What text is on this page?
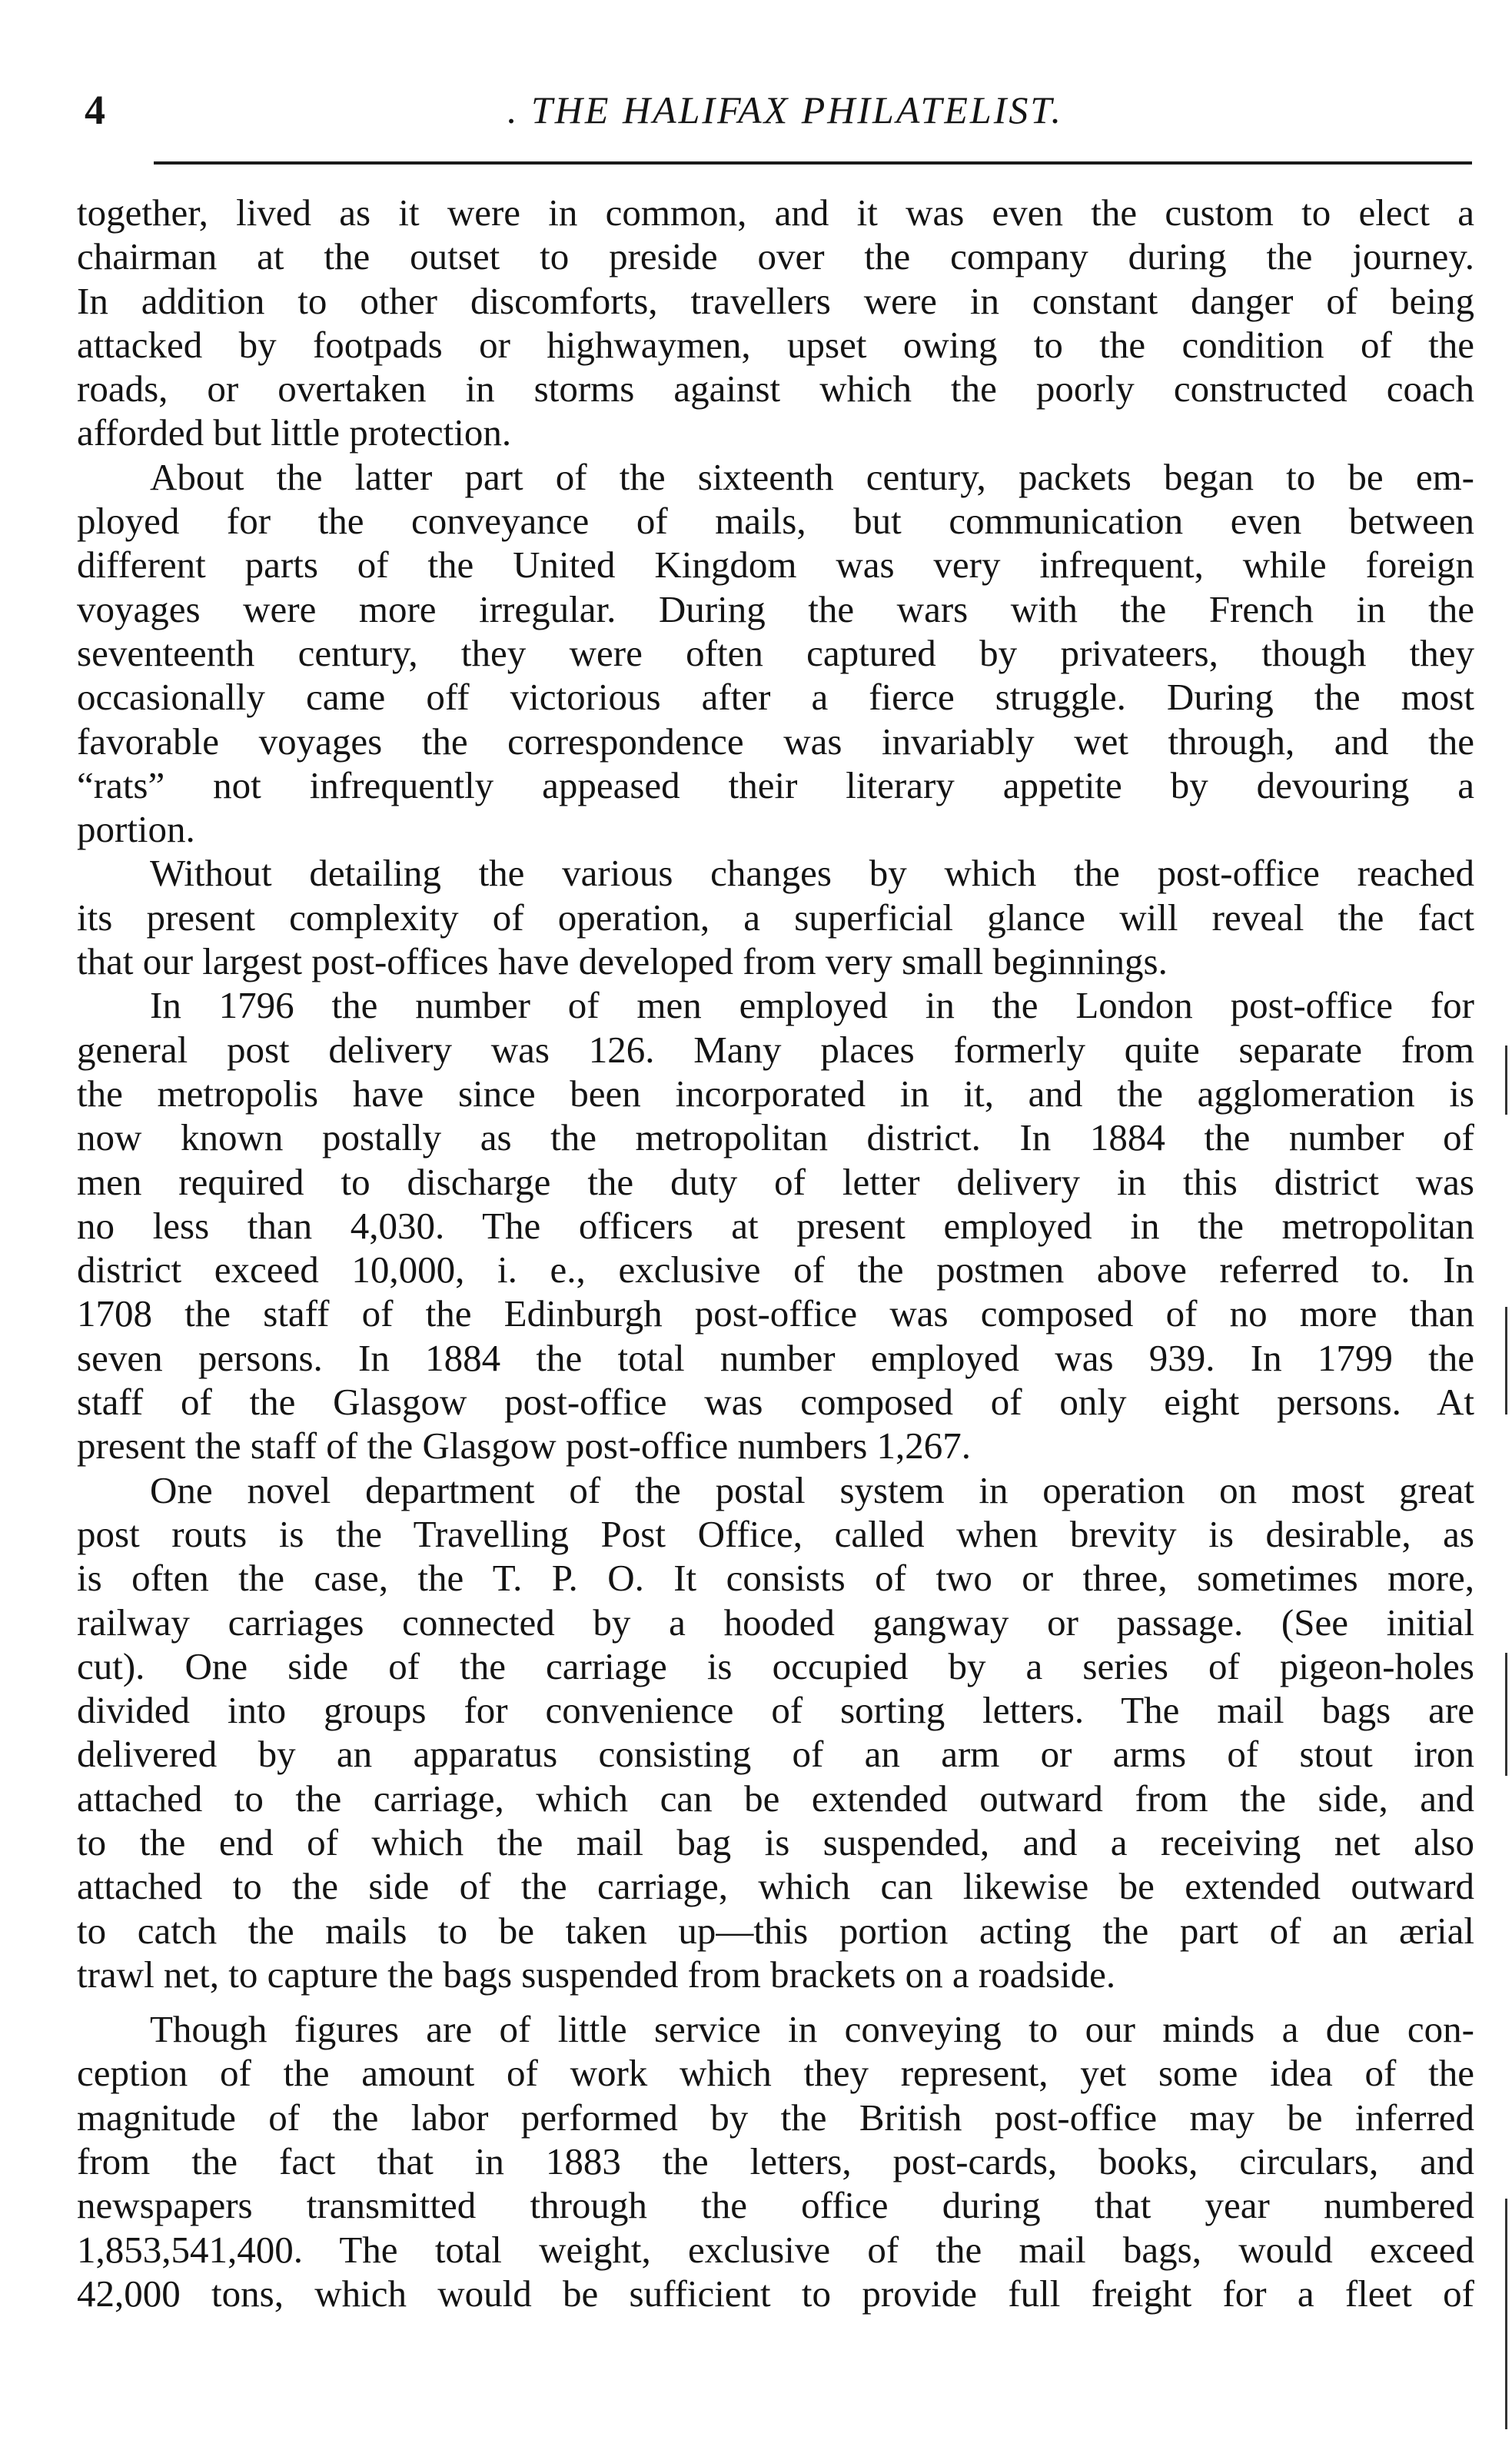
4	. THE HALIFAX PHILATELIST.
together, lived as it were in common, and it was even the custom to elect a
chairman at the outset to preside over the company during the journey.
In addition to other discomforts, travellers were in constant danger of being
attacked by footpads or highwaymen, upset owing to the condition of the
roads, or overtaken in storms against which the poorly constructed coach
afforded but little protection.
About the latter part of the sixteenth century, packets began to be em-
ployed for the conveyance of mails, but communication even between
different parts of the United Kingdom was very infrequent, while foreign
voyages were more irregular. During the wars with the French in the
seventeenth century, they were often captured by privateers, though they
occasionally came off victorious after a fierce struggle. During the most
favorable voyages the correspondence was invariably wet through, and the
“rats” not infrequently appeased their literary appetite by devouring a
portion.
Without detailing the various changes by which the post-office reached
its present complexity of operation, a superficial glance will reveal the fact
that our largest post-offices have developed from very small beginnings.
In 1796 the number of men employed in the London post-office for
general post delivery was 126. Many places formerly quite separate from
the metropolis have since been incorporated in it, and the agglomeration is
now known postally as the metropolitan district. In 1884 the number of
men required to discharge the duty of letter delivery in this district was
no less than 4,030. The officers at present employed in the metropolitan
district exceed 10,000, i. e., exclusive of the postmen above referred to. In
1708 the staff of the Edinburgh post-office was composed of no more than
seven persons. In 1884 the total number employed was 939. In 1799 the
staff of the Glasgow post-office was composed of only eight persons. At
present the staff of the Glasgow post-office numbers 1,267.
One novel department of the postal system in operation on most great
post routs is the Travelling Post Office, called when brevity is desirable, as
is often the case, the T. P. O. It consists of two or three, sometimes more,
railway carriages connected by a hooded gangway or passage. (See initial
cut). One side of the carriage is occupied by a series of pigeon-holes
divided into groups for convenience of sorting letters. The mail bags are
delivered by an apparatus consisting of an arm or arms of stout iron
attached to the carriage, which can be extended outward from the side, and
to the end of which the mail bag is suspended, and a receiving net also
attached to the side of the carriage, which can likewise be extended outward
to catch the mails to be taken up—this portion acting the part of an ærial
trawl net, to capture the bags suspended from brackets on a roadside.
Though figures are of little service in conveying to our minds a due con-
ception of the amount of work which they represent, yet some idea of the
magnitude of the labor performed by the British post-office may be inferred
from the fact that in 1883 the letters, post-cards, books, circulars, and
newspapers transmitted through the office during that year numbered
1,853,541,400. The total weight, exclusive of the mail bags, would exceed
42,000 tons, which would be sufficient to provide full freight for a fleet of
